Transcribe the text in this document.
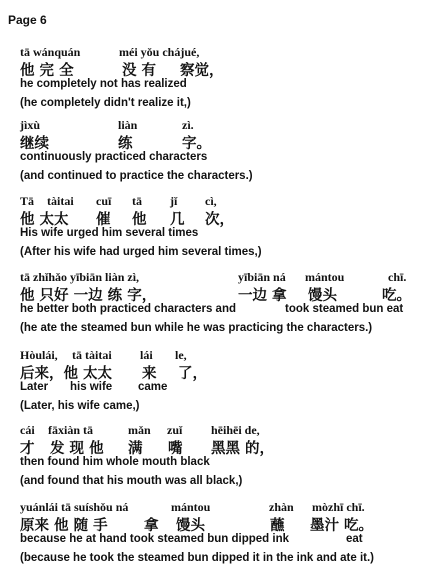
Page 6
tā wánquán	méi yǒu chájué,
他 完 全	没 有 察觉，
he completely not has realized
(he completely didn't realize it,)
jìxù	liàn	zì.
继续	练	字。
continuously practiced characters
(and continued to practice the characters.)
Tā tàitai cuī tā jǐ cì,
他 太太 催 他 几 次，
His wife urged him several times
(After his wife had urged him several times,)
tā zhǐhǎo yībiān liàn zì,	yībiān ná mántou	chī.
他 只好 一边 练 字，	一边 拿 馒头	吃。
he better both practiced characters and	took steamed bun eat
(he ate the steamed bun while he was practicing the characters.)
Hòulái, tā tàitai lái le,
后来，他 太太 来 了，
Later his wife came
(Later, his wife came,)
cái fāxiàn tā	mǎn zuǐ hēihēi de,
才 发 现 他 满 嘴 黑黑 的，
then found him whole mouth black
(and found that his mouth was all black,)
yuánlái tā suíshǒu ná	mántou	zhàn mòzhī chī.
原来 他 随 手	拿 馒头	蘸 墨汁 吃。
because he at hand took steamed bun dipped ink	eat
(because he took the steamed bun dipped it in the ink and ate it.)
